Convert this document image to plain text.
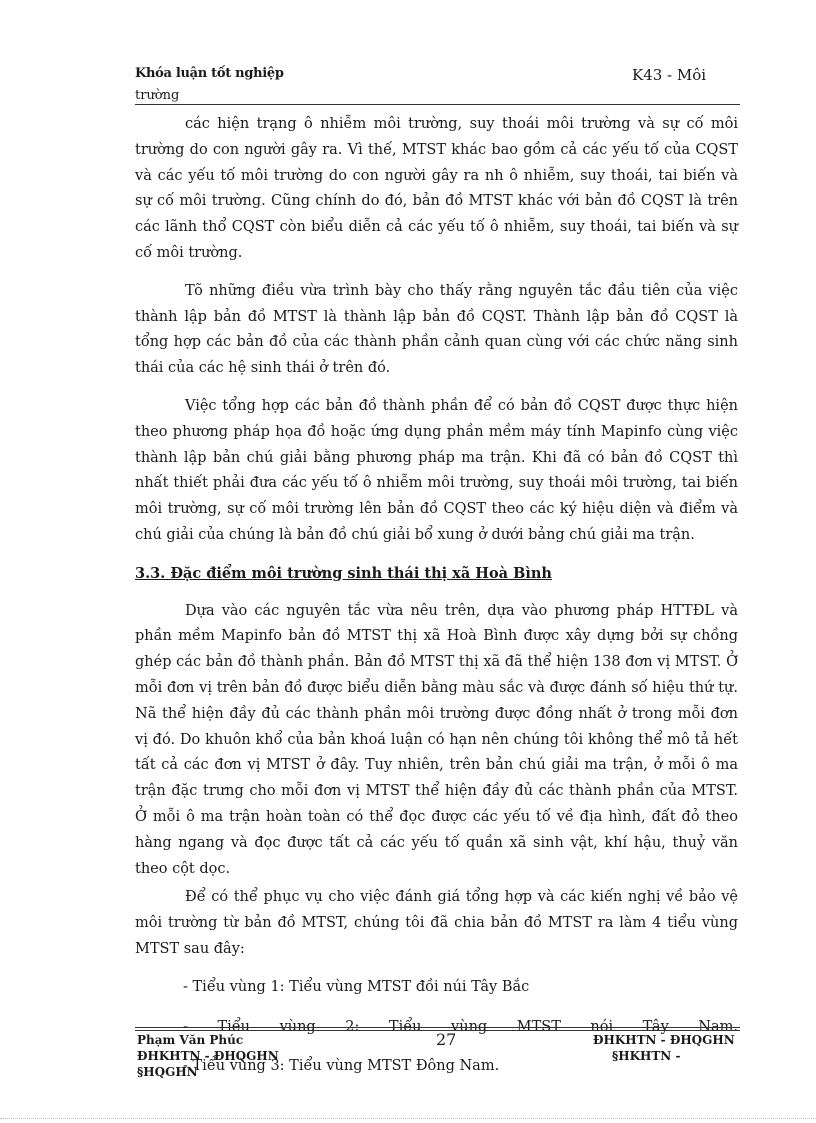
Khóa luận tốt nghiệp
trường
K43 - Môi

các hiện trạng ô nhiễm môi trường, suy thoái môi trường và sự cố môi trường do con người gây ra. Vì thế, MTST khác bao gồm cả các yếu tố của CQST và các yếu tố môi trường do con người gây ra nh ô nhiễm, suy thoái, tai biến và sự cố môi trường. Cũng chính do đó, bản đồ MTST khác với bản đồ CQST là trên các lãnh thổ CQST còn biểu diễn cả các yếu tố ô nhiễm, suy thoái, tai biến và sự cố môi trường.

Tõ những điều vừa trình bày cho thấy rằng nguyên tắc đầu tiên của việc thành lập bản đồ MTST là thành lập bản đồ CQST. Thành lập bản đồ CQST là tổng hợp các bản đồ của các thành phần cảnh quan cùng với các chức năng sinh thái của các hệ sinh thái ở trên đó.

Việc tổng hợp các bản đồ thành phần để có bản đồ CQST được thực hiện theo phương pháp họa đồ hoặc ứng dụng phần mềm máy tính Mapinfo cùng việc thành lập bản chú giải bằng phương pháp ma trận. Khi đã có bản đồ CQST thì nhất thiết phải đưa các yếu tố ô nhiễm môi trường, suy thoái môi trường, tai biến môi trường, sự cố môi trường lên bản đồ CQST theo các ký hiệu diện và điểm và chú giải của chúng là bản đồ chú giải bổ xung ở dưới bảng chú giải ma trận.

3.3. Đặc điểm môi trường sinh thái thị xã Hoà Bình

Dựa vào các nguyên tắc vừa nêu trên, dựa vào phương pháp HTTĐL và phần mềm Mapinfo bản đồ MTST thị xã Hoà Bình được xây dựng bởi sự chồng ghép các bản đồ thành phần. Bản đồ MTST thị xã đã thể hiện 138 đơn vị MTST. Ở mỗi đơn vị trên bản đồ được biểu diễn bằng màu sắc và được đánh số hiệu thứ tự. Nã thể hiện đầy đủ các thành phần môi trường được đồng nhất ở trong mỗi đơn vị đó. Do khuôn khổ của bản khoá luận có hạn nên chúng tôi không thể mô tả hết tất cả các đơn vị MTST ở đây. Tuy nhiên, trên bản chú giải ma trận, ở mỗi ô ma trận đặc trưng cho mỗi đơn vị MTST thể hiện đầy đủ các thành phần của MTST. Ở mỗi ô ma trận hoàn toàn có thể đọc được các yếu tố về địa hình, đất đỏ theo hàng ngang và đọc được tất cả các yếu tố quần xã sinh vật, khí hậu, thuỷ văn theo cột dọc.

Để có thể phục vụ cho việc đánh giá tổng hợp và các kiến nghị về bảo vệ môi trường từ bản đồ MTST, chúng tôi đã chia bản đồ MTST ra làm 4 tiểu vùng MTST sau đây:

- Tiểu vùng 1: Tiểu vùng MTST đồi núi Tây Bắc
- Tiểu vùng 2: Tiểu vùng MTST nói Tây Nam.
- Tiểu vùng 3: Tiểu vùng MTST Đông Nam.
Phạm Văn Phúc
ĐHKHTN - ĐHQGHN
§HQGHN
27	ĐHKHTN - ĐHQGHN
§HKHTN -
